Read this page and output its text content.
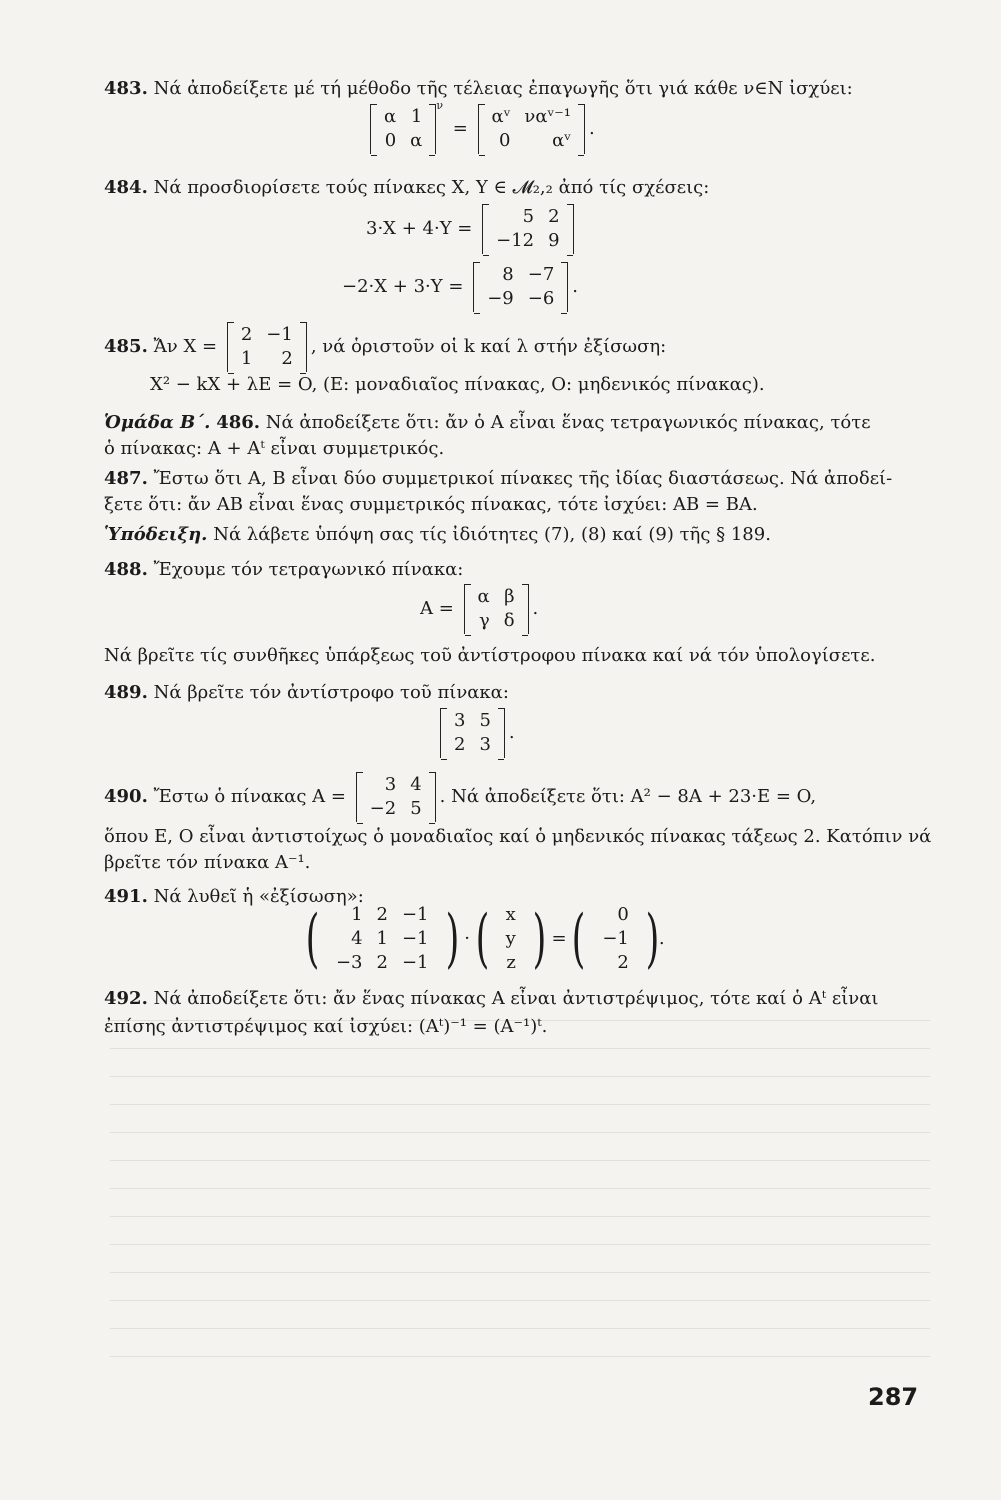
483. Νά ἀποδείξετε μέ τή μέθοδο τῆς τέλειας ἐπαγωγῆς ὅτι γιά κάθε ν∈N ἰσχύει:
α	1
0	α
$^\nu$ =
αᵛ	ναᵛ⁻¹
0	αᵛ
.
484. Νά προσδιορίσετε τούς πίνακες X, Y ∈ 𝓜₂,₂ ἀπό τίς σχέσεις:
3·X + 4·Y =
5	2
−12	9
−2·X + 3·Y =
8	−7
−9	−6
.
485. Ἄν X =
2	−1
1	2
, νά ὁριστοῦν οἱ k καί λ στήν ἐξίσωση:
X² − kX + λE = O, (E: μοναδιαῖος πίνακας, O: μηδενικός πίνακας).
Ὁμάδα Β΄. 486. Νά ἀποδείξετε ὅτι: ἄν ὁ A εἶναι ἕνας τετραγωνικός πίνακας, τότε
ὁ πίνακας: A + Aᵗ εἶναι συμμετρικός.
487. Ἔστω ὅτι A, B εἶναι δύο συμμετρικοί πίνακες τῆς ἰδίας διαστάσεως. Νά ἀποδεί-
ξετε ὅτι: ἄν AB εἶναι ἕνας συμμετρικός πίνακας, τότε ἰσχύει: AB = BA.
Ὑπόδειξη. Νά λάβετε ὑπόψη σας τίς ἰδιότητες (7), (8) καί (9) τῆς § 189.
488. Ἔχουμε τόν τετραγωνικό πίνακα:
A =
α	β
γ	δ
.
Νά βρεῖτε τίς συνθῆκες ὑπάρξεως τοῦ ἀντίστροφου πίνακα καί νά τόν ὑπολογίσετε.
489. Νά βρεῖτε τόν ἀντίστροφο τοῦ πίνακα:
3	5
2	3
.
490. Ἔστω ὁ πίνακας A =
3	4
−2	5
. Νά ἀποδείξετε ὅτι: A² − 8A + 23·E = O,
ὅπου E, O εἶναι ἀντιστοίχως ὁ μοναδιαῖος καί ὁ μηδενικός πίνακας τάξεως 2. Κατόπιν νά
βρεῖτε τόν πίνακα A⁻¹.
491. Νά λυθεῖ ἡ «ἐξίσωση»:
( 1	2	−1
4	1	−1
−3	2	−1 ) · ( x
y
z ) = ( 0
−1
2 ).
492. Νά ἀποδείξετε ὅτι: ἄν ἕνας πίνακας A εἶναι ἀντιστρέψιμος, τότε καί ὁ Aᵗ εἶναι
ἐπίσης ἀντιστρέψιμος καί ἰσχύει: (Aᵗ)⁻¹ = (A⁻¹)ᵗ.
287
